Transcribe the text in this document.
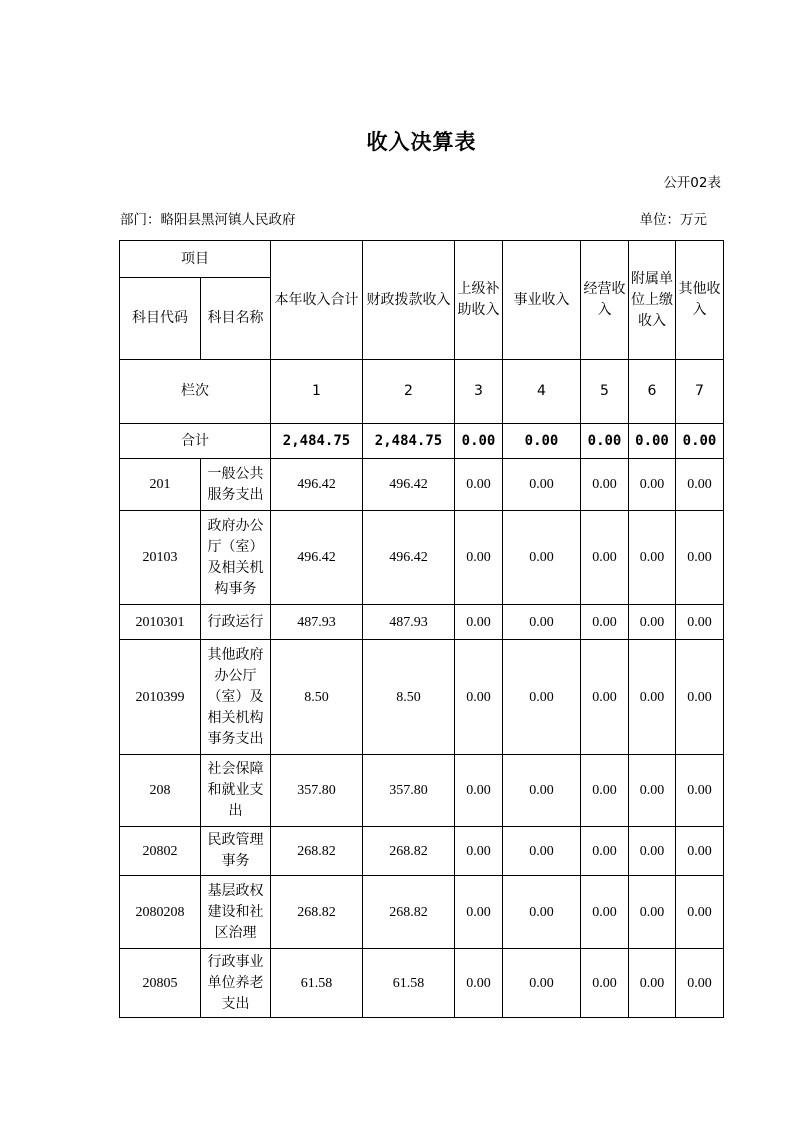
收入决算表
公开02表
部门：略阳县黑河镇人民政府	单位：万元
项目		本年收入合计	财政拨款收入	上级补助收入	事业收入	经营收入	附属单位上缴收入	其他收入
科目代码	科目名称							
栏次		1	2	3	4	5	6	7
合计		2,484.75	2,484.75	0.00	0.00	0.00	0.00	0.00
201	一般公共服务支出	496.42	496.42	0.00	0.00	0.00	0.00	0.00
20103	政府办公厅（室）及相关机构事务	496.42	496.42	0.00	0.00	0.00	0.00	0.00
2010301	行政运行	487.93	487.93	0.00	0.00	0.00	0.00	0.00
2010399	其他政府办公厅（室）及相关机构事务支出	8.50	8.50	0.00	0.00	0.00	0.00	0.00
208	社会保障和就业支出	357.80	357.80	0.00	0.00	0.00	0.00	0.00
20802	民政管理事务	268.82	268.82	0.00	0.00	0.00	0.00	0.00
2080208	基层政权建设和社区治理	268.82	268.82	0.00	0.00	0.00	0.00	0.00
20805	行政事业单位养老支出	61.58	61.58	0.00	0.00	0.00	0.00	0.00
